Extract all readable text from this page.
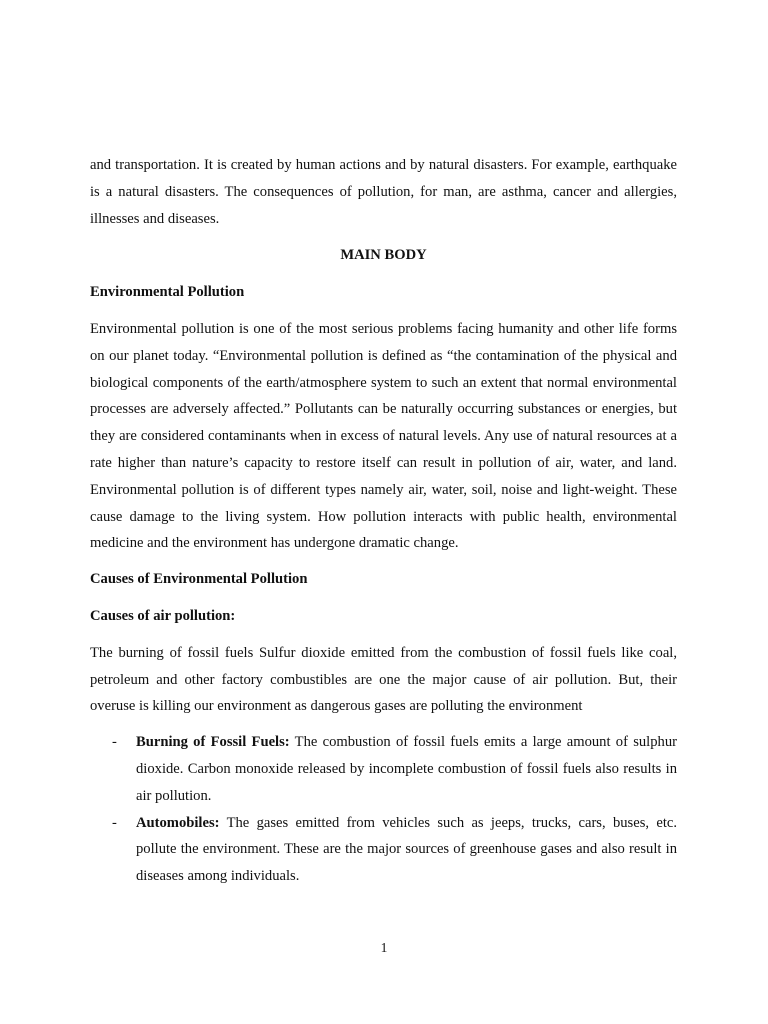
and transportation. It is created by human actions and by natural disasters. For example, earthquake is a natural disasters. The consequences of pollution, for man, are asthma, cancer and allergies, illnesses and diseases.

MAIN BODY
Environmental Pollution

Environmental pollution is one of the most serious problems facing humanity and other life forms on our planet today. “Environmental pollution is defined as “the contamination of the physical and biological components of the earth/atmosphere system to such an extent that normal environmental processes are adversely affected.” Pollutants can be naturally occurring substances or energies, but they are considered contaminants when in excess of natural levels. Any use of natural resources at a rate higher than nature’s capacity to restore itself can result in pollution of air, water, and land. Environmental pollution is of different types namely air, water, soil, noise and light-weight. These cause damage to the living system. How pollution interacts with public health, environmental medicine and the environment has undergone dramatic change.

Causes of Environmental Pollution
Causes of air pollution:

The burning of fossil fuels Sulfur dioxide emitted from the combustion of fossil fuels like coal, petroleum and other factory combustibles are one the major cause of air pollution. But, their overuse is killing our environment as dangerous gases are polluting the environment

- Burning of Fossil Fuels: The combustion of fossil fuels emits a large amount of sulphur dioxide. Carbon monoxide released by incomplete combustion of fossil fuels also results in air pollution.
- Automobiles: The gases emitted from vehicles such as jeeps, trucks, cars, buses, etc. pollute the environment. These are the major sources of greenhouse gases and also result in diseases among individuals.
1
